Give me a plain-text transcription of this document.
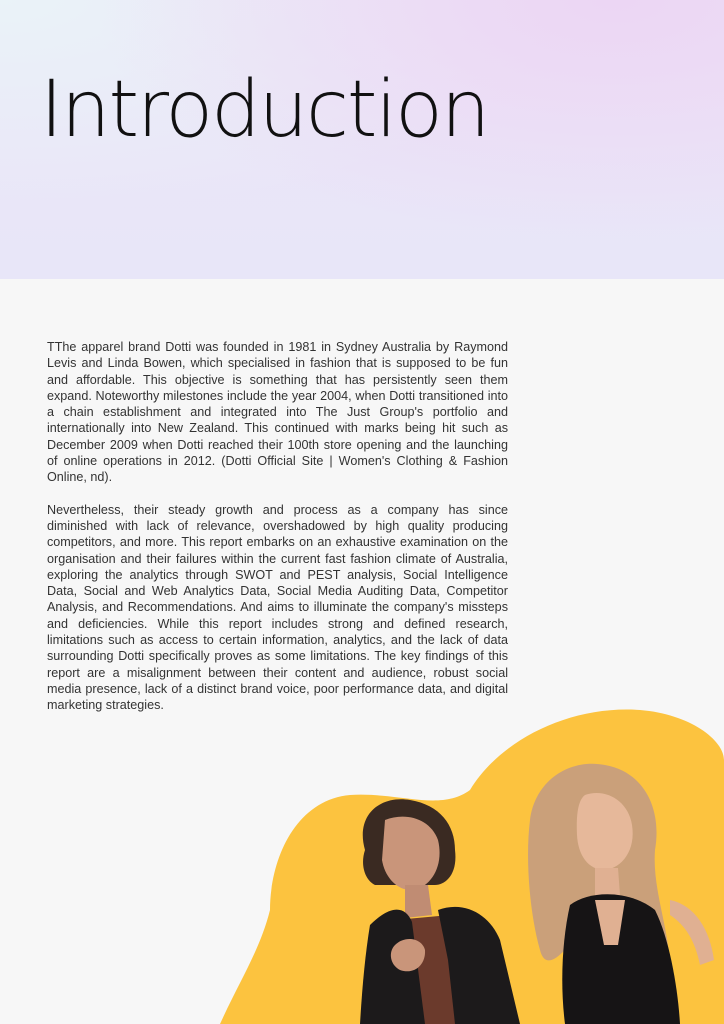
Introduction

TThe apparel brand Dotti was founded in 1981 in Sydney Australia by Raymond Levis and Linda Bowen, which specialised in fashion that is supposed to be fun and affordable. This objective is something that has persistently seen them expand. Noteworthy milestones include the year 2004, when Dotti transitioned into a chain establishment and integrated into The Just Group's portfolio and internationally into New Zealand. This continued with marks being hit such as December 2009 when Dotti reached their 100th store opening and the launching of online operations in 2012. (Dotti Official Site | Women's Clothing & Fashion Online, nd).

Nevertheless, their steady growth and process as a company has since diminished with lack of relevance, overshadowed by high quality producing competitors, and more. This report embarks on an exhaustive examination on the organisation and their failures within the current fast fashion climate of Australia, exploring the analytics through SWOT and PEST analysis, Social Intelligence Data, Social and Web Analytics Data, Social Media Auditing Data, Competitor Analysis, and Recommendations. And aims to illuminate the company's missteps and deficiencies. While this report includes strong and defined research, limitations such as access to certain information, analytics, and the lack of data surrounding Dotti specifically proves as some limitations. The key findings of this report are a misalignment between their content and audience, robust social media presence, lack of a distinct brand voice, poor performance data, and digital marketing strategies.
